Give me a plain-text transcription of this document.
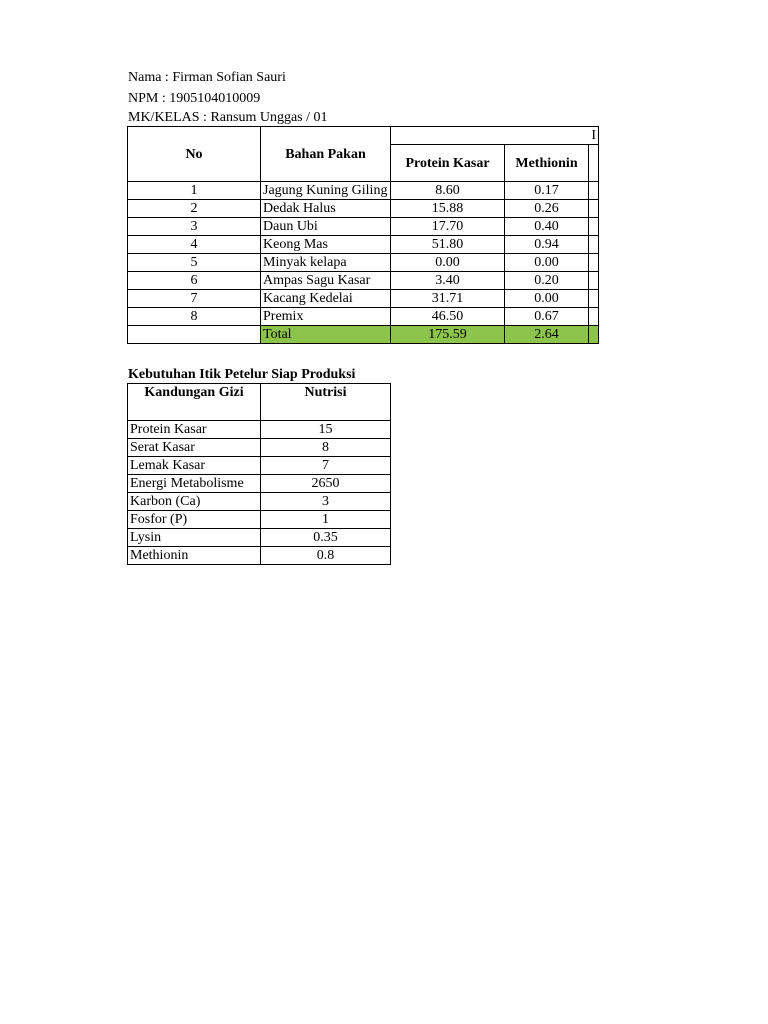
Nama : Firman Sofian Sauri
NPM : 1905104010009
MK/KELAS : Ransum Unggas / 01
No	Bahan Pakan	I		
		Protein Kasar	Methionin	
1	Jagung Kuning Giling	8.60	0.17	
2	Dedak Halus	15.88	0.26	
3	Daun Ubi	17.70	0.40	
4	Keong Mas	51.80	0.94	
5	Minyak kelapa	0.00	0.00	
6	Ampas Sagu Kasar	3.40	0.20	
7	Kacang Kedelai	31.71	0.00	
8	Premix	46.50	0.67	
	Total	175.59	2.64	
Kebutuhan Itik Petelur Siap Produksi
Kandungan Gizi	Nutrisi
Protein Kasar	15
Serat Kasar	8
Lemak Kasar	7
Energi Metabolisme	2650
Karbon (Ca)	3
Fosfor (P)	1
Lysin	0.35
Methionin	0.8
